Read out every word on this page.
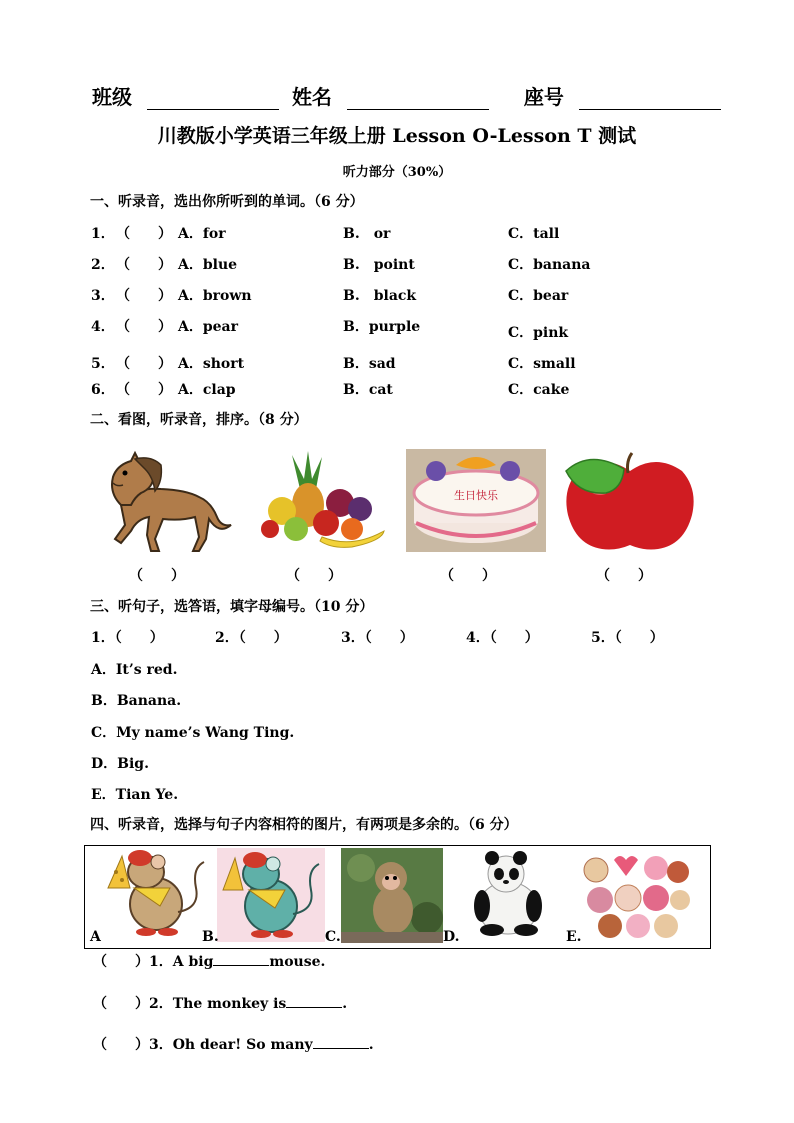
班级	姓名	座号
川教版小学英语三年级上册 Lesson O-Lesson T 测试
听力部分（30%）
一、听录音，选出你所听到的单词。（6 分）
1． （　　） A．for	B.　or	C．tall
2． （　　） A．blue	B.　point	C．banana
3． （　　） A．brown	B.　black	C．bear
4． （　　） A．pear	B．purple	C．pink
5． （　　） A．short	B．sad	C．small
6． （　　） A．clap	B．cat	C．cake
二、看图，听录音，排序。（8 分）
生日快乐
（　　）	（　　）	（　　）	（　　）
三、听句子，选答语，填字母编号。（10 分）
1．（　　）	2．（　　）	3．（　　）	4．（　　）	5．（　　）
A．It’s red.
B．Banana.
C．My name’s Wang Ting.
D．Big.
E．Tian Ye.
四、听录音，选择与句子内容相符的图片，有两项是多余的。（6 分）
A	B.	C.	D.	E.
（　　）1．A big	mouse.
（　　）2．The monkey is	.
（　　）3．Oh dear! So many	.
